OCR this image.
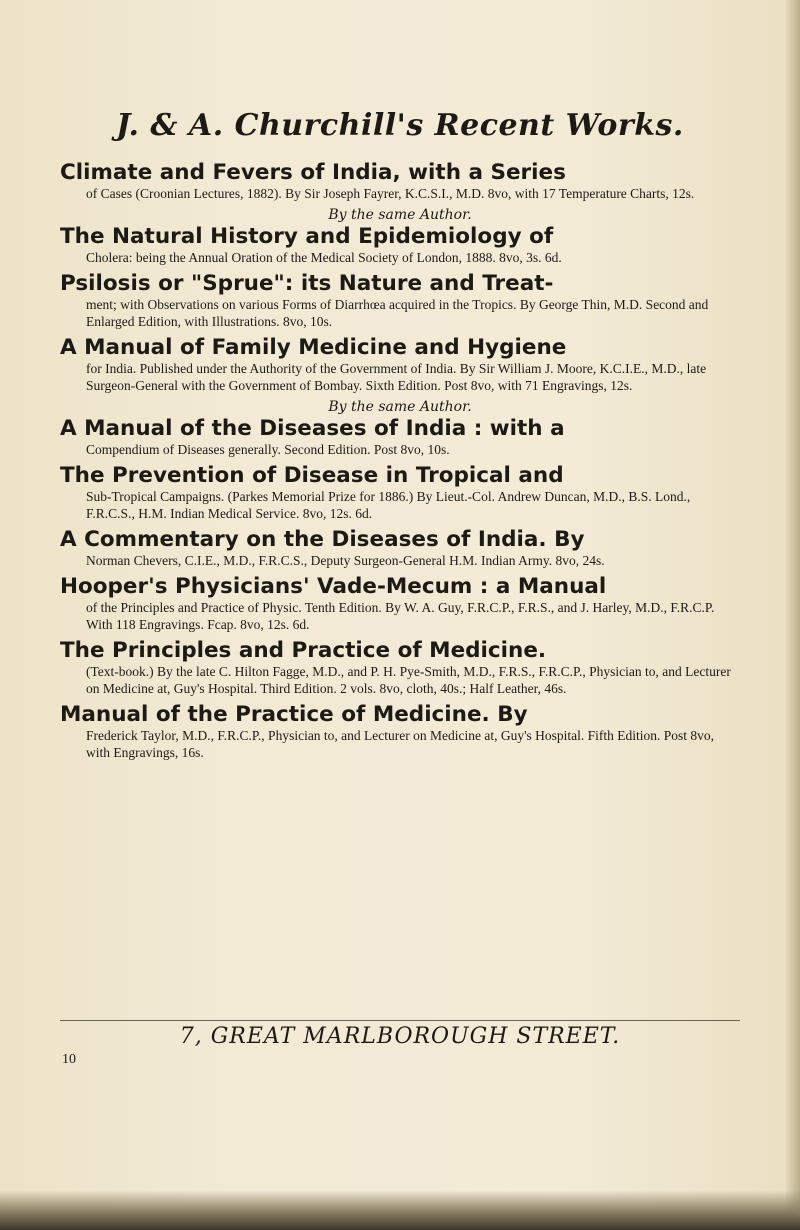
J. & A. Churchill's Recent Works.

Climate and Fevers of India, with a Series

of Cases (Croonian Lectures, 1882). By Sir Joseph Fayrer, K.C.S.I., M.D. 8vo, with 17 Temperature Charts, 12s.

By the same Author.

The Natural History and Epidemiology of

Cholera: being the Annual Oration of the Medical Society of London, 1888. 8vo, 3s. 6d.

Psilosis or "Sprue": its Nature and Treat-

ment; with Observations on various Forms of Diarrhœa acquired in the Tropics. By George Thin, M.D. Second and Enlarged Edition, with Illustrations. 8vo, 10s.

A Manual of Family Medicine and Hygiene

for India. Published under the Authority of the Government of India. By Sir William J. Moore, K.C.I.E., M.D., late Surgeon-General with the Government of Bombay. Sixth Edition. Post 8vo, with 71 Engravings, 12s.

By the same Author.

A Manual of the Diseases of India : with a

Compendium of Diseases generally. Second Edition. Post 8vo, 10s.

The Prevention of Disease in Tropical and

Sub-Tropical Campaigns. (Parkes Memorial Prize for 1886.) By Lieut.-Col. Andrew Duncan, M.D., B.S. Lond., F.R.C.S., H.M. Indian Medical Service. 8vo, 12s. 6d.

A Commentary on the Diseases of India. By

Norman Chevers, C.I.E., M.D., F.R.C.S., Deputy Surgeon-General H.M. Indian Army. 8vo, 24s.

Hooper's Physicians' Vade-Mecum : a Manual

of the Principles and Practice of Physic. Tenth Edition. By W. A. Guy, F.R.C.P., F.R.S., and J. Harley, M.D., F.R.C.P. With 118 Engravings. Fcap. 8vo, 12s. 6d.

The Principles and Practice of Medicine.

(Text-book.) By the late C. Hilton Fagge, M.D., and P. H. Pye-Smith, M.D., F.R.S., F.R.C.P., Physician to, and Lecturer on Medicine at, Guy's Hospital. Third Edition. 2 vols. 8vo, cloth, 40s.; Half Leather, 46s.

Manual of the Practice of Medicine. By

Frederick Taylor, M.D., F.R.C.P., Physician to, and Lecturer on Medicine at, Guy's Hospital. Fifth Edition. Post 8vo, with Engravings, 16s.

7, GREAT MARLBOROUGH STREET.
10
